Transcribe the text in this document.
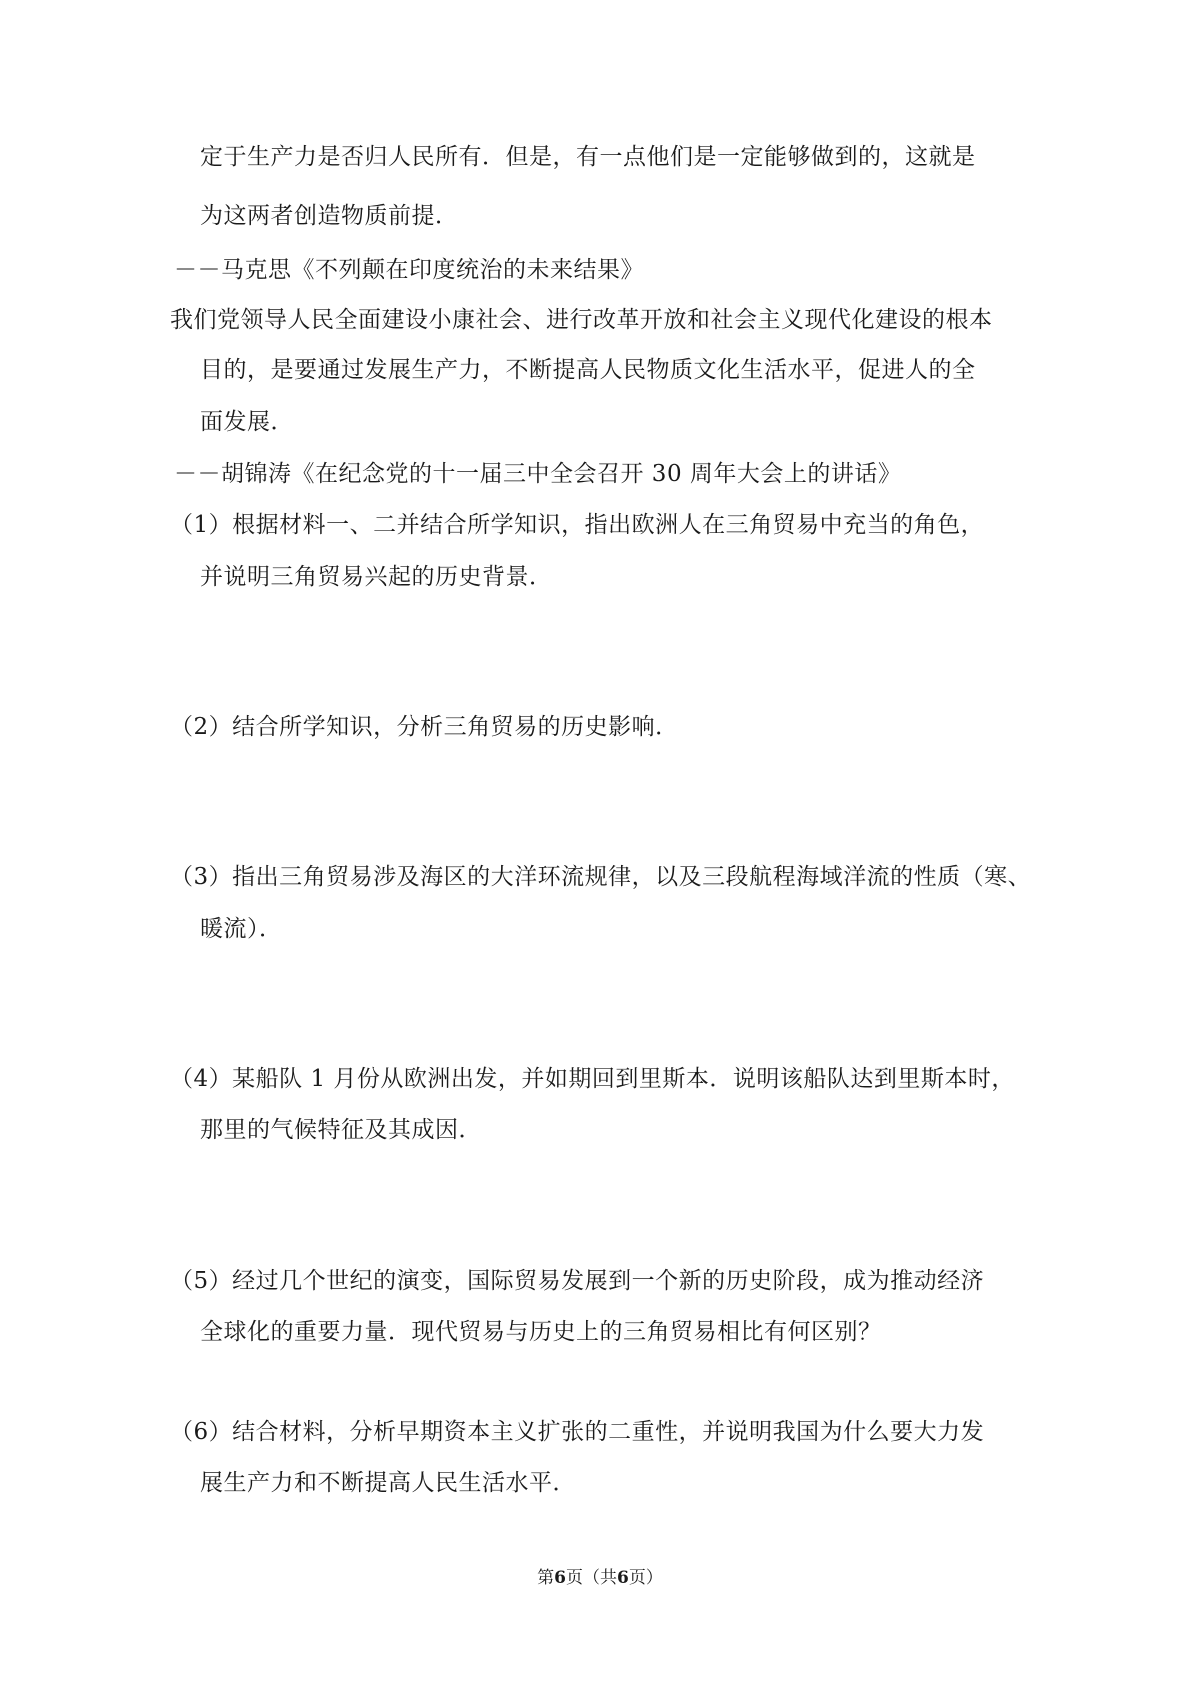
定于生产力是否归人民所有．但是，有一点他们是一定能够做到的，这就是
为这两者创造物质前提．
－－马克思《不列颠在印度统治的未来结果》
我们党领导人民全面建设小康社会、进行改革开放和社会主义现代化建设的根本
目的，是要通过发展生产力，不断提高人民物质文化生活水平，促进人的全
面发展．
－－胡锦涛《在纪念党的十一届三中全会召开 30 周年大会上的讲话》
（1）根据材料一、二并结合所学知识，指出欧洲人在三角贸易中充当的角色，
并说明三角贸易兴起的历史背景．
（2）结合所学知识，分析三角贸易的历史影响．
（3）指出三角贸易涉及海区的大洋环流规律，以及三段航程海域洋流的性质（寒、
暖流）．
（4）某船队 1 月份从欧洲出发，并如期回到里斯本．说明该船队达到里斯本时，
那里的气候特征及其成因．
（5）经过几个世纪的演变，国际贸易发展到一个新的历史阶段，成为推动经济
全球化的重要力量．现代贸易与历史上的三角贸易相比有何区别？
（6）结合材料，分析早期资本主义扩张的二重性，并说明我国为什么要大力发
展生产力和不断提高人民生活水平．
第6页（共6页）
